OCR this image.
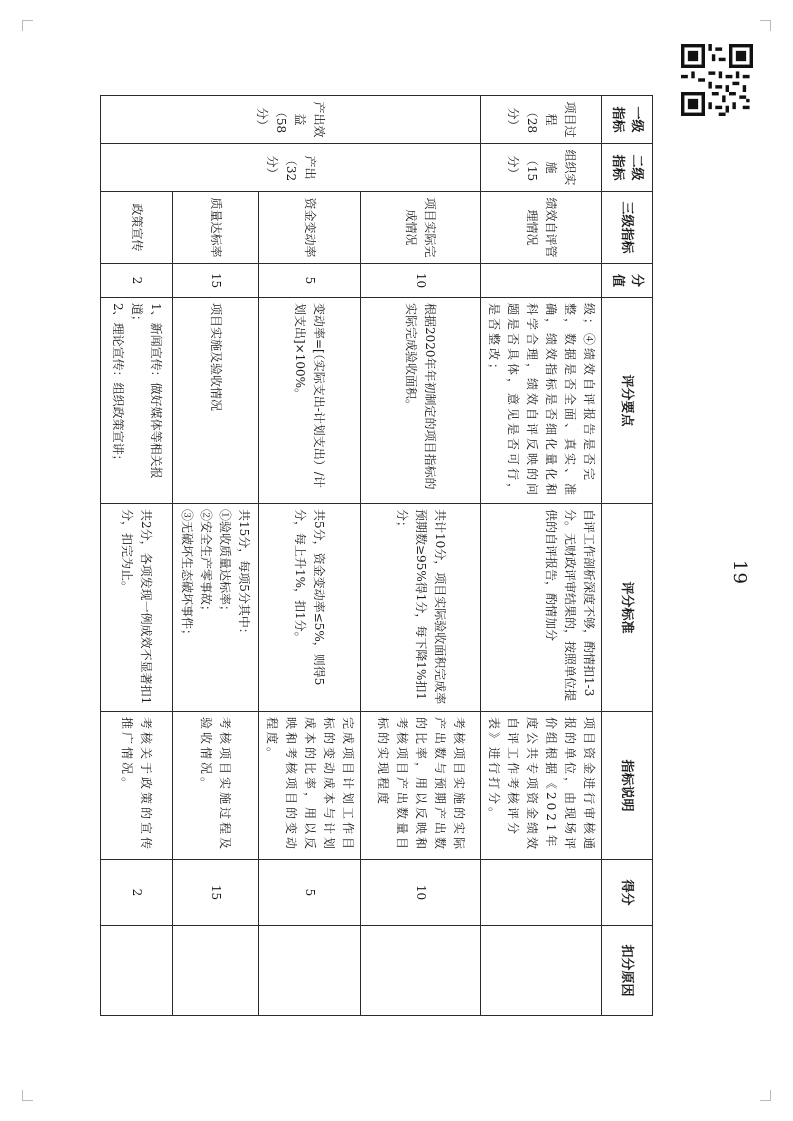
19
一级指标	二级指标	三级指标	分值	评分要点	评分标准	指标说明	得分	扣分原因
项目过程（28分）	组织实施（15分）	绩效自评管理情况		级；④绩效自评报告是否完整，数据是否全面、真实、准确，绩效指标是否细化量化和科学合理，绩效自评反映的问题是否具体，意见是否可行，是否整改；	自评工作剖析深度不够，酌情扣1-3分。无财政评审结果的，按照单位提供的自评报告，酌情加分	项目资金进行审核通报的单位，由现场评价组根据《2021年度公共专项资金绩效自评工作考核评分表》进行打分。		
产出效益（58分）	产出（32分）	项目实际完成情况	10	根据2020年年初制定的项目指标的实际完成验收面积。	共计10分，项目实际验收面积完成率预期数≥95%得1分，每下降1%扣1分；	考核项目实施的实际产出数与预期产出数的比率，用以反映和考核项目产出数量目标的实现程度	10	
		资金变动率	5	变动率=[（实际支出-计划支出）/计划支出]×100%。	共5分，资金变动率≤5%，则得5分，每上升1%，扣1分。	完成项目计划工作目标的变动成本与计划成本的比率，用以反映和考核项目的变动程度。	5	
		质量达标率	15	项目实施及验收情况	共15分，每项5分其中：
①验收质量达标率；
②安全生产零事故；
③无破坏生态破坏事件；	考核项目实施过程及验收情况。	15	
		政策宣传	2	1、新闻宣传：做好媒体等相关报道；
2、理论宣传：组织政策宣讲；	共2分，各项发现一例成效不显著扣1分，扣完为止。	考核关于政策的宣传推广情况。	2	
